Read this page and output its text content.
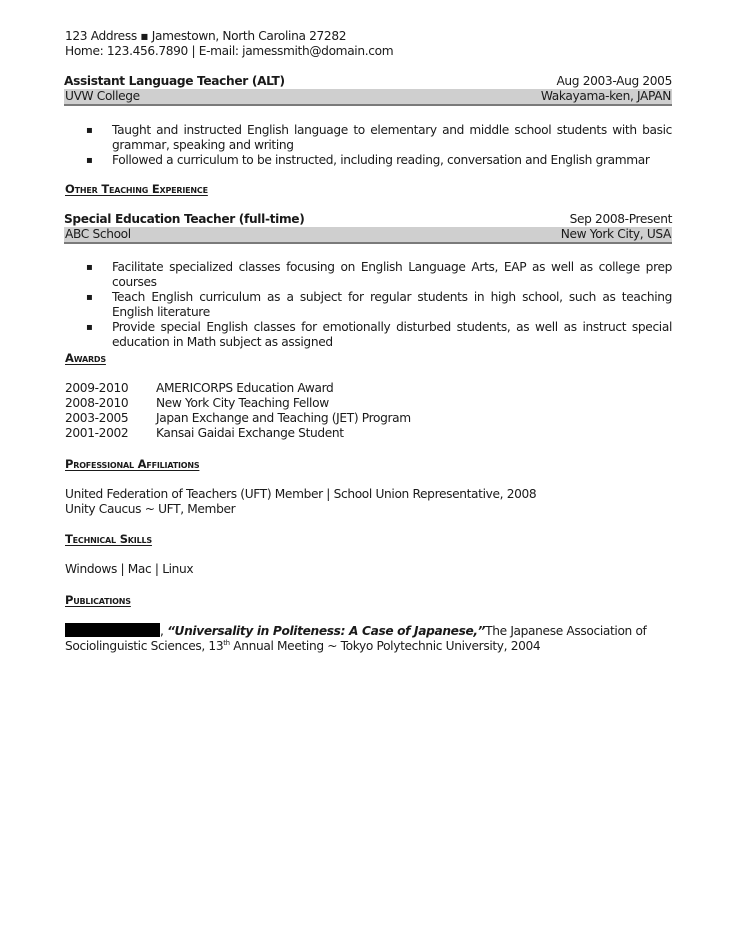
123 Address ▪ Jamestown, North Carolina 27282
Home: 123.456.7890 | E-mail: jamessmith@domain.com
Assistant Language Teacher (ALT)	Aug 2003-Aug 2005
UVW College	Wakayama-ken, JAPAN
▪ Taught and instructed English language to elementary and middle school students with basic grammar, speaking and writing
▪ Followed a curriculum to be instructed, including reading, conversation and English grammar
Other Teaching Experience
Special Education Teacher (full-time)	Sep 2008-Present
ABC School	New York City, USA
▪ Facilitate specialized classes focusing on English Language Arts, EAP as well as college prep courses
▪ Teach English curriculum as a subject for regular students in high school, such as teaching English literature
▪ Provide special English classes for emotionally disturbed students, as well as instruct special education in Math subject as assigned
Awards
2009-2010	AMERICORPS Education Award
2008-2010	New York City Teaching Fellow
2003-2005	Japan Exchange and Teaching (JET) Program
2001-2002	Kansai Gaidai Exchange Student
Professional Affiliations
United Federation of Teachers (UFT) Member | School Union Representative, 2008
Unity Caucus ~ UFT, Member
Technical Skills
Windows | Mac | Linux
Publications
, “Universality in Politeness: A Case of Japanese,”The Japanese Association of Sociolinguistic Sciences, 13th Annual Meeting ~ Tokyo Polytechnic University, 2004
